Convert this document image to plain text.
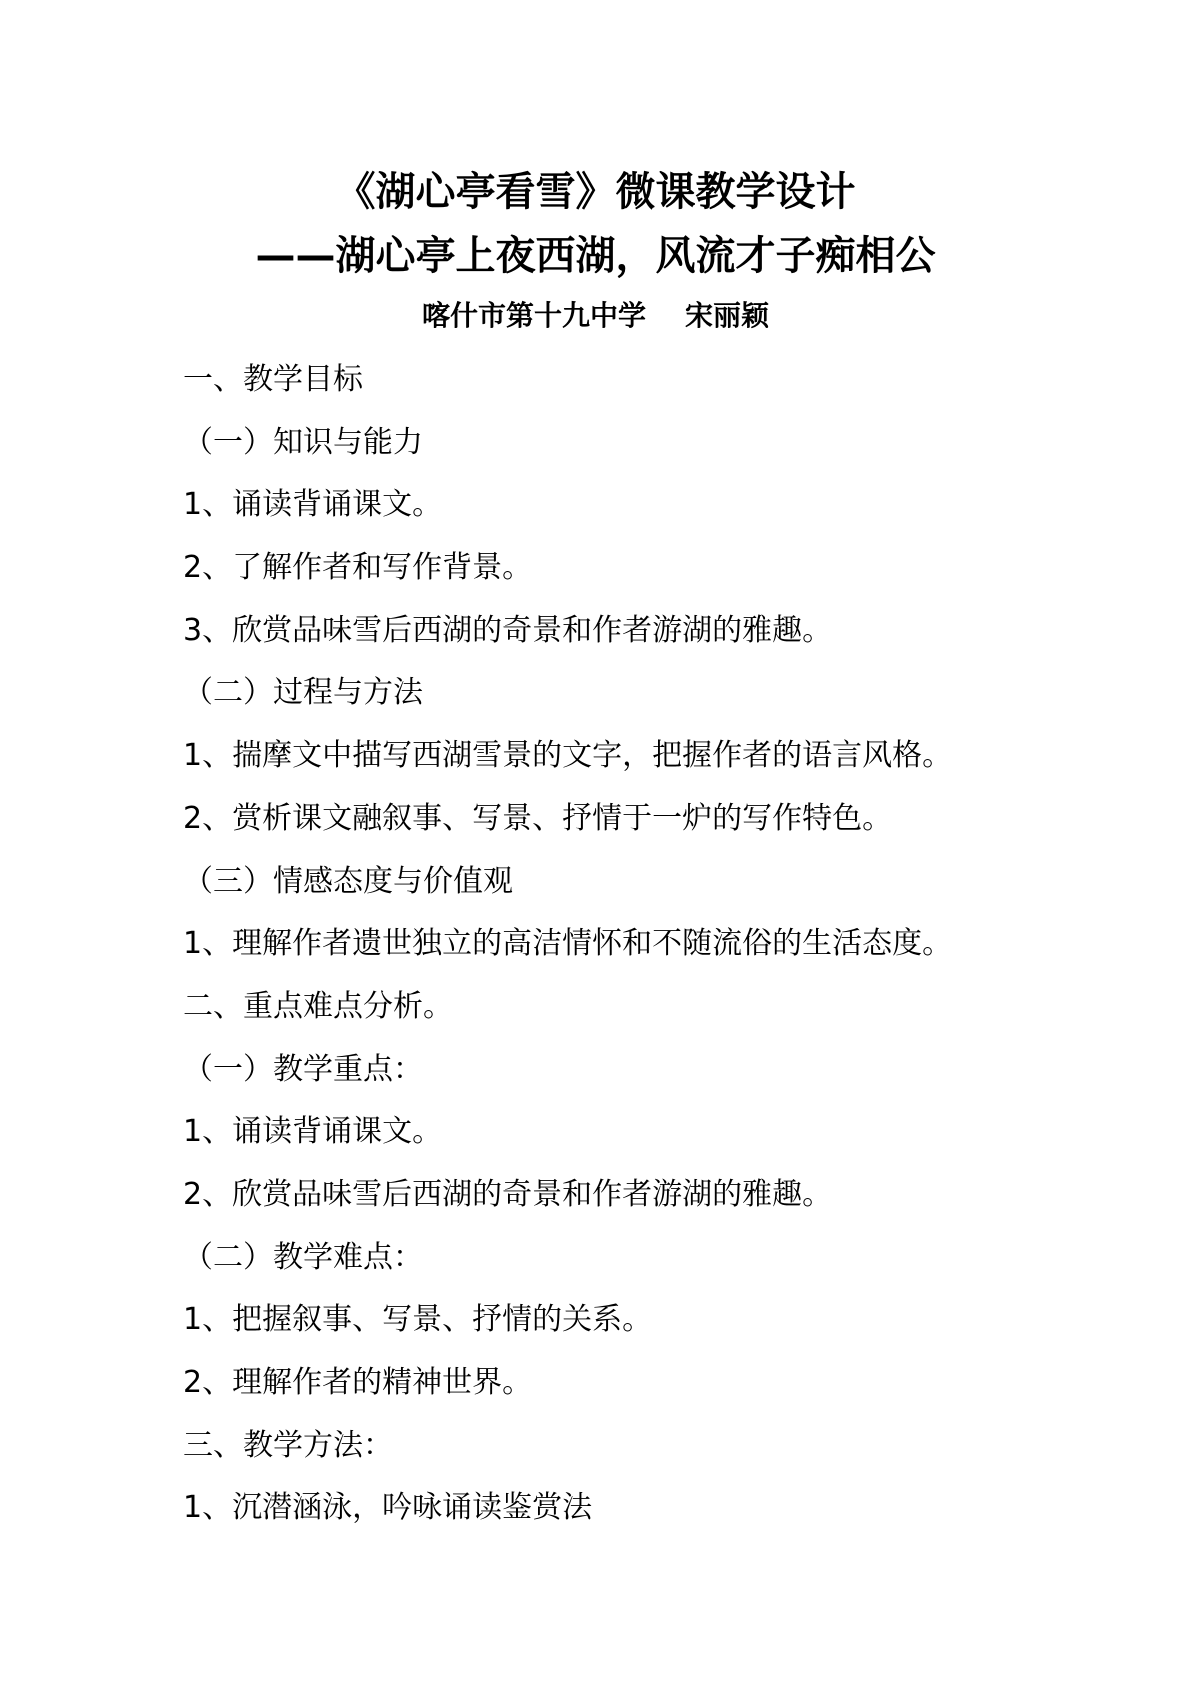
《湖心亭看雪》微课教学设计
——湖心亭上夜西湖，风流才子痴相公
喀什市第十九中学    宋丽颖
一、教学目标
（一）知识与能力
1、诵读背诵课文。
2、了解作者和写作背景。
3、欣赏品味雪后西湖的奇景和作者游湖的雅趣。
（二）过程与方法
1、揣摩文中描写西湖雪景的文字，把握作者的语言风格。
2、赏析课文融叙事、写景、抒情于一炉的写作特色。
（三）情感态度与价值观
1、理解作者遗世独立的高洁情怀和不随流俗的生活态度。
二、重点难点分析。
（一）教学重点：
1、诵读背诵课文。
2、欣赏品味雪后西湖的奇景和作者游湖的雅趣。
（二）教学难点：
1、把握叙事、写景、抒情的关系。
2、理解作者的精神世界。
三、教学方法：
1、沉潜涵泳，吟咏诵读鉴赏法
